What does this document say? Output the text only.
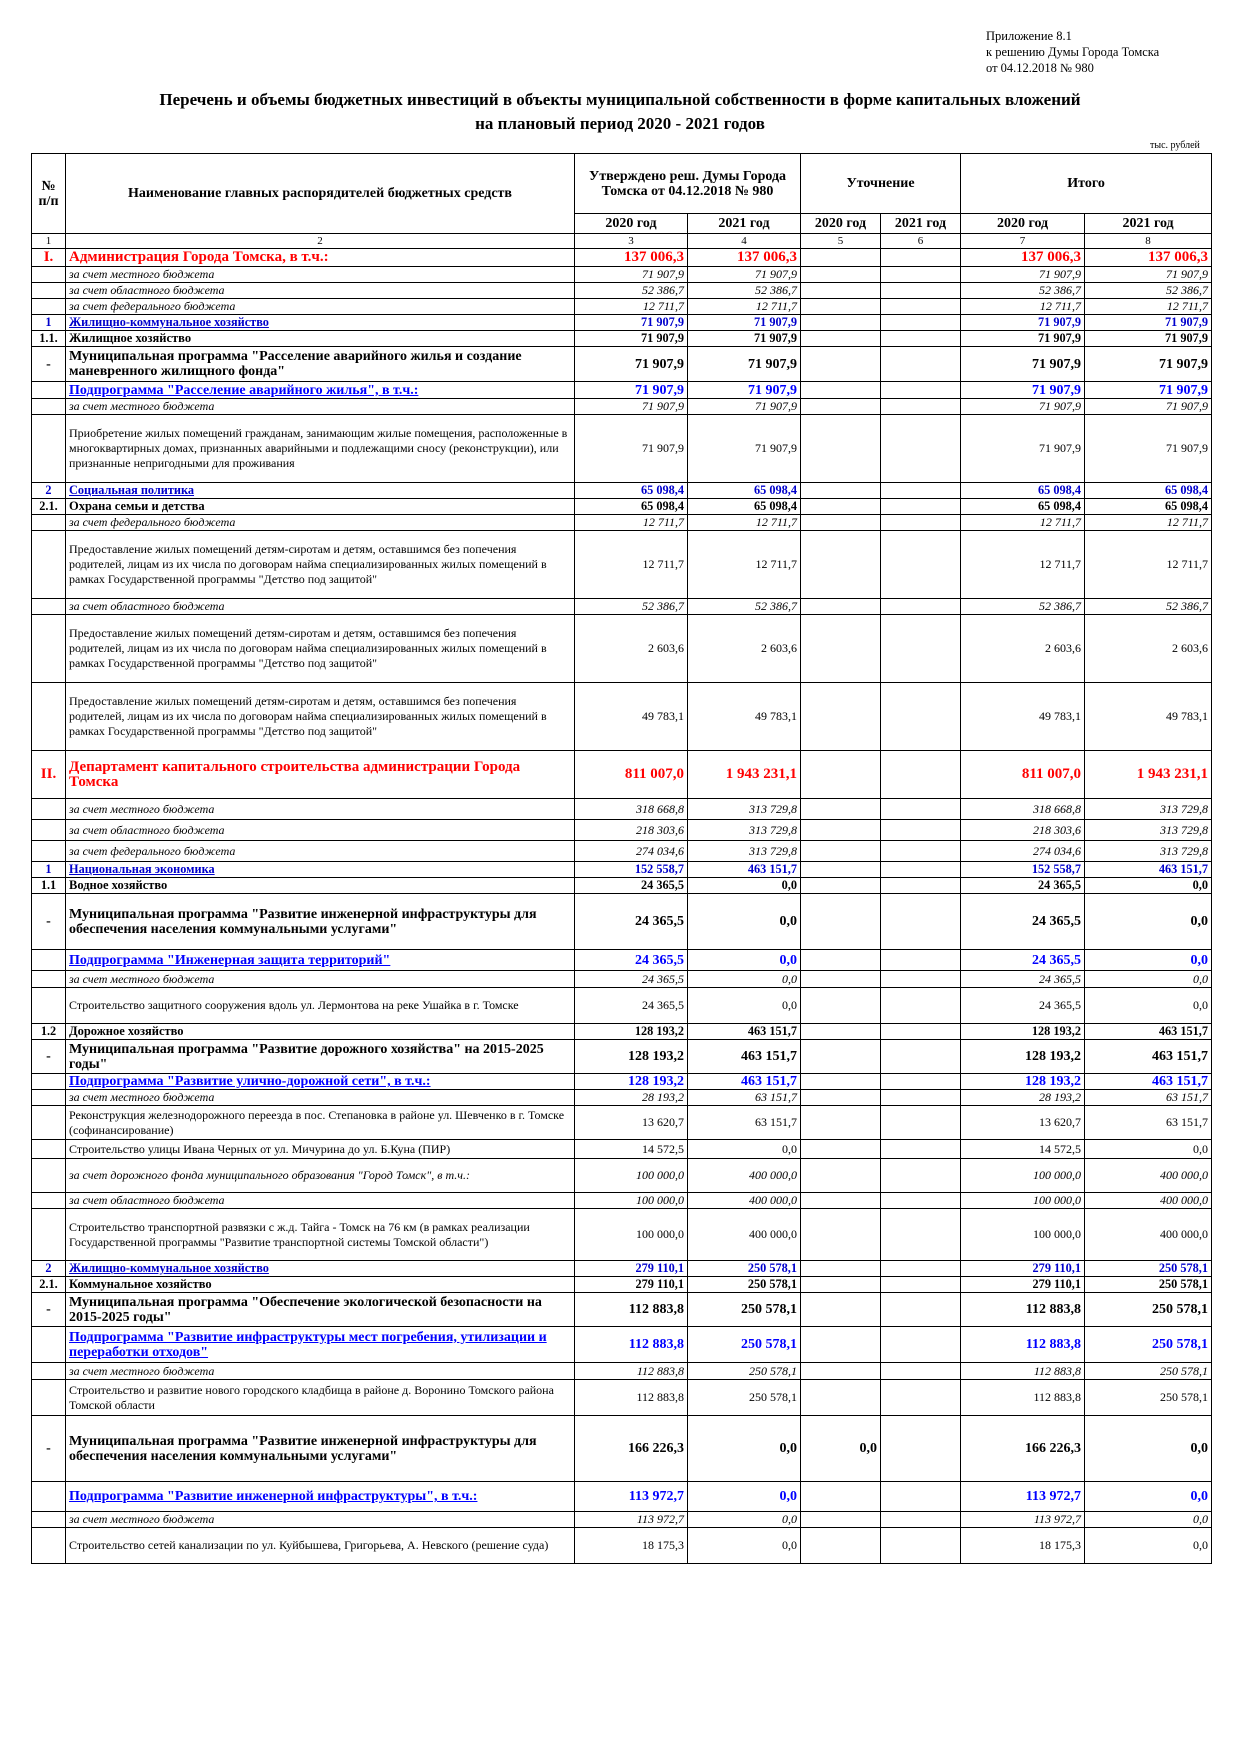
Приложение 8.1
к решению Думы Города Томска
от 04.12.2018 № 980
Перечень и объемы бюджетных инвестиций в объекты муниципальной собственности в форме капитальных вложений
на плановый период 2020 - 2021 годов
тыс. рублей
№ п/п	Наименование главных распорядителей бюджетных средств	Утверждено реш. Думы Города Томска от 04.12.2018 № 980		Уточнение		Итого	
		2020 год	2021 год	2020 год	2021 год	2020 год	2021 год
1	2	3	4	5	6	7	8
I.	Администрация Города Томска, в т.ч.:	137 006,3	137 006,3			137 006,3	137 006,3
	за счет местного бюджета	71 907,9	71 907,9			71 907,9	71 907,9
	за счет областного бюджета	52 386,7	52 386,7			52 386,7	52 386,7
	за счет федерального бюджета	12 711,7	12 711,7			12 711,7	12 711,7
1	Жилищно-коммунальное хозяйство	71 907,9	71 907,9			71 907,9	71 907,9
1.1.	Жилищное хозяйство	71 907,9	71 907,9			71 907,9	71 907,9
-	Муниципальная программа "Расселение аварийного жилья и создание маневренного жилищного фонда"	71 907,9	71 907,9			71 907,9	71 907,9
	Подпрограмма "Расселение аварийного жилья", в т.ч.:	71 907,9	71 907,9			71 907,9	71 907,9
	за счет местного бюджета	71 907,9	71 907,9			71 907,9	71 907,9
	Приобретение жилых помещений гражданам, занимающим жилые помещения, расположенные в многоквартирных домах, признанных аварийными и подлежащими сносу (реконструкции), или признанные непригодными для проживания	71 907,9	71 907,9			71 907,9	71 907,9
2	Социальная политика	65 098,4	65 098,4			65 098,4	65 098,4
2.1.	Охрана семьи и детства	65 098,4	65 098,4			65 098,4	65 098,4
	за счет федерального бюджета	12 711,7	12 711,7			12 711,7	12 711,7
	Предоставление жилых помещений детям-сиротам и детям, оставшимся без попечения родителей, лицам из их числа по договорам найма специализированных жилых помещений в рамках Государственной программы "Детство под защитой"	12 711,7	12 711,7			12 711,7	12 711,7
	за счет областного бюджета	52 386,7	52 386,7			52 386,7	52 386,7
	Предоставление жилых помещений детям-сиротам и детям, оставшимся без попечения родителей, лицам из их числа по договорам найма специализированных жилых помещений в рамках Государственной программы "Детство под защитой"	2 603,6	2 603,6			2 603,6	2 603,6
	Предоставление жилых помещений детям-сиротам и детям, оставшимся без попечения родителей, лицам из их числа по договорам найма специализированных жилых помещений в рамках Государственной программы "Детство под защитой"	49 783,1	49 783,1			49 783,1	49 783,1
II.	Департамент капитального строительства администрации Города Томска	811 007,0	1 943 231,1			811 007,0	1 943 231,1
	за счет местного бюджета	318 668,8	313 729,8			318 668,8	313 729,8
	за счет областного бюджета	218 303,6	313 729,8			218 303,6	313 729,8
	за счет федерального бюджета	274 034,6	313 729,8			274 034,6	313 729,8
1	Национальная экономика	152 558,7	463 151,7			152 558,7	463 151,7
1.1	Водное хозяйство	24 365,5	0,0			24 365,5	0,0
-	Муниципальная программа "Развитие инженерной инфраструктуры для обеспечения населения коммунальными услугами"	24 365,5	0,0			24 365,5	0,0
	Подпрограмма "Инженерная защита территорий"	24 365,5	0,0			24 365,5	0,0
	за счет местного бюджета	24 365,5	0,0			24 365,5	0,0
	Строительство защитного сооружения вдоль ул. Лермонтова на реке Ушайка в г. Томске	24 365,5	0,0			24 365,5	0,0
1.2	Дорожное хозяйство	128 193,2	463 151,7			128 193,2	463 151,7
-	Муниципальная программа "Развитие дорожного хозяйства" на 2015-2025 годы"	128 193,2	463 151,7			128 193,2	463 151,7
	Подпрограмма "Развитие улично-дорожной сети", в т.ч.:	128 193,2	463 151,7			128 193,2	463 151,7
	за счет местного бюджета	28 193,2	63 151,7			28 193,2	63 151,7
	Реконструкция железнодорожного переезда в пос. Степановка в районе ул. Шевченко в г. Томске (софинансирование)	13 620,7	63 151,7			13 620,7	63 151,7
	Строительство улицы Ивана Черных от ул. Мичурина до ул. Б.Куна (ПИР)	14 572,5	0,0			14 572,5	0,0
	за счет дорожного фонда муниципального образования "Город Томск", в т.ч.:	100 000,0	400 000,0			100 000,0	400 000,0
	за счет областного бюджета	100 000,0	400 000,0			100 000,0	400 000,0
	Строительство транспортной развязки с ж.д. Тайга - Томск на 76 км (в рамках реализации Государственной программы "Развитие транспортной системы Томской области")	100 000,0	400 000,0			100 000,0	400 000,0
2	Жилищно-коммунальное хозяйство	279 110,1	250 578,1			279 110,1	250 578,1
2.1.	Коммунальное хозяйство	279 110,1	250 578,1			279 110,1	250 578,1
-	Муниципальная программа "Обеспечение экологической безопасности на 2015-2025 годы"	112 883,8	250 578,1			112 883,8	250 578,1
	Подпрограмма "Развитие инфраструктуры мест погребения, утилизации и переработки отходов"	112 883,8	250 578,1			112 883,8	250 578,1
	за счет местного бюджета	112 883,8	250 578,1			112 883,8	250 578,1
	Строительство и развитие нового городского кладбища в районе д. Воронино Томского района Томской области	112 883,8	250 578,1			112 883,8	250 578,1
-	Муниципальная программа "Развитие инженерной инфраструктуры для обеспечения населения коммунальными услугами"	166 226,3	0,0	0,0		166 226,3	0,0
	Подпрограмма "Развитие инженерной инфраструктуры", в т.ч.:	113 972,7	0,0			113 972,7	0,0
	за счет местного бюджета	113 972,7	0,0			113 972,7	0,0
	Строительство сетей канализации по ул. Куйбышева, Григорьева, А. Невского (решение суда)	18 175,3	0,0			18 175,3	0,0
